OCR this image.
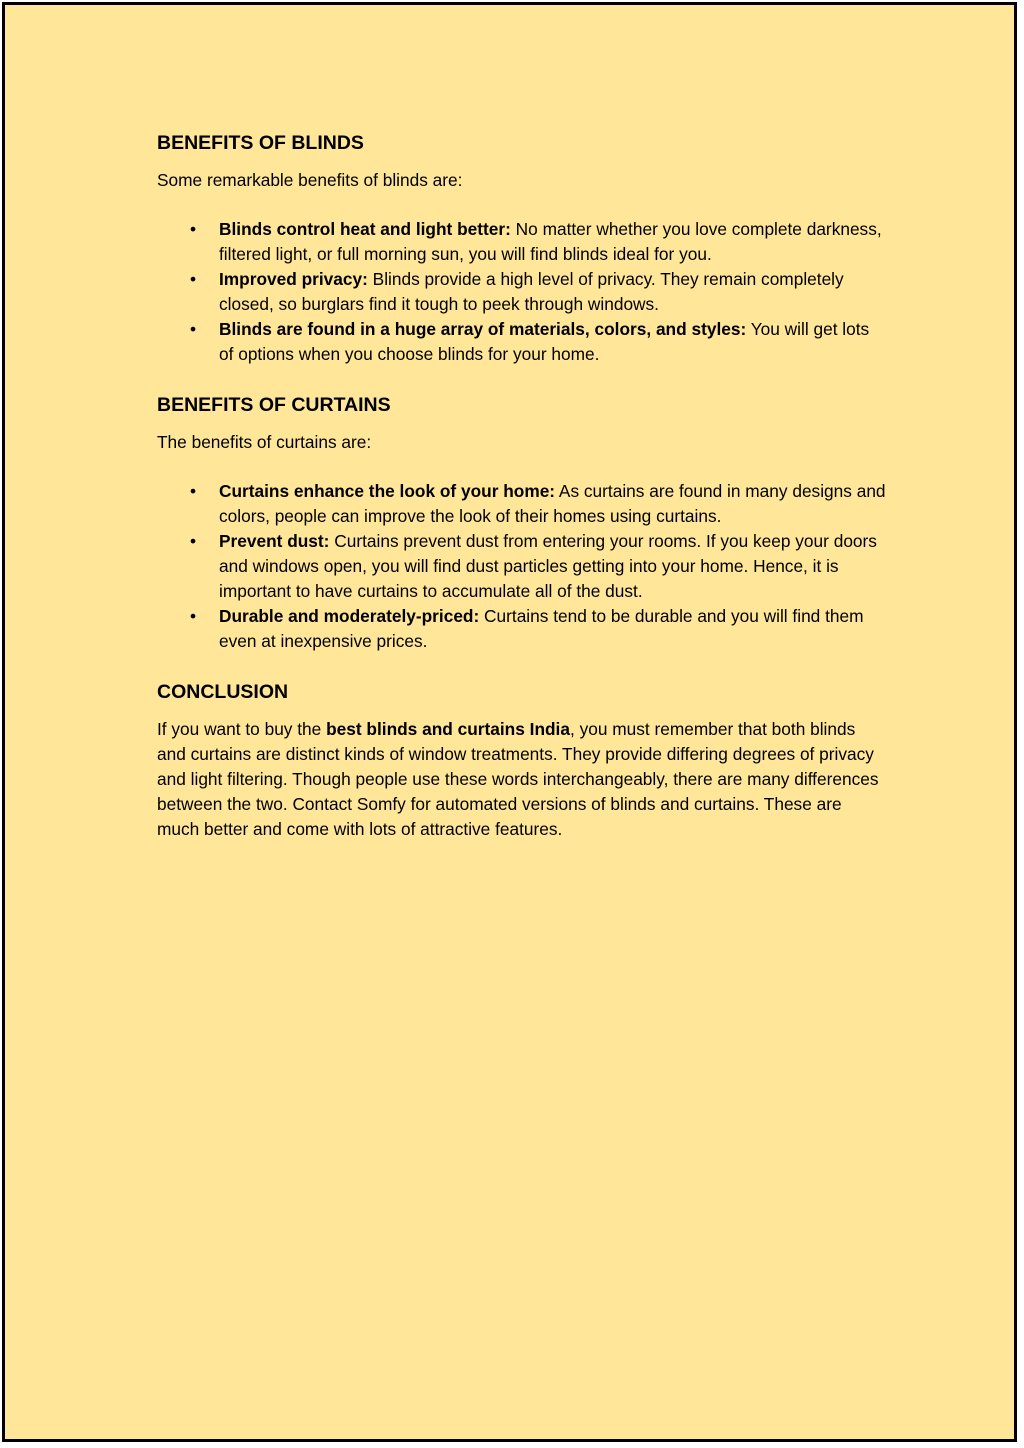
BENEFITS OF BLINDS

Some remarkable benefits of blinds are:

• Blinds control heat and light better: No matter whether you love complete darkness, filtered light, or full morning sun, you will find blinds ideal for you.
• Improved privacy: Blinds provide a high level of privacy. They remain completely closed, so burglars find it tough to peek through windows.
• Blinds are found in a huge array of materials, colors, and styles: You will get lots of options when you choose blinds for your home.
BENEFITS OF CURTAINS

The benefits of curtains are:

• Curtains enhance the look of your home: As curtains are found in many designs and colors, people can improve the look of their homes using curtains.
• Prevent dust: Curtains prevent dust from entering your rooms. If you keep your doors and windows open, you will find dust particles getting into your home. Hence, it is important to have curtains to accumulate all of the dust.
• Durable and moderately-priced: Curtains tend to be durable and you will find them even at inexpensive prices.
CONCLUSION

If you want to buy the best blinds and curtains India, you must remember that both blinds and curtains are distinct kinds of window treatments. They provide differing degrees of privacy and light filtering. Though people use these words interchangeably, there are many differences between the two. Contact Somfy for automated versions of blinds and curtains. These are much better and come with lots of attractive features.
